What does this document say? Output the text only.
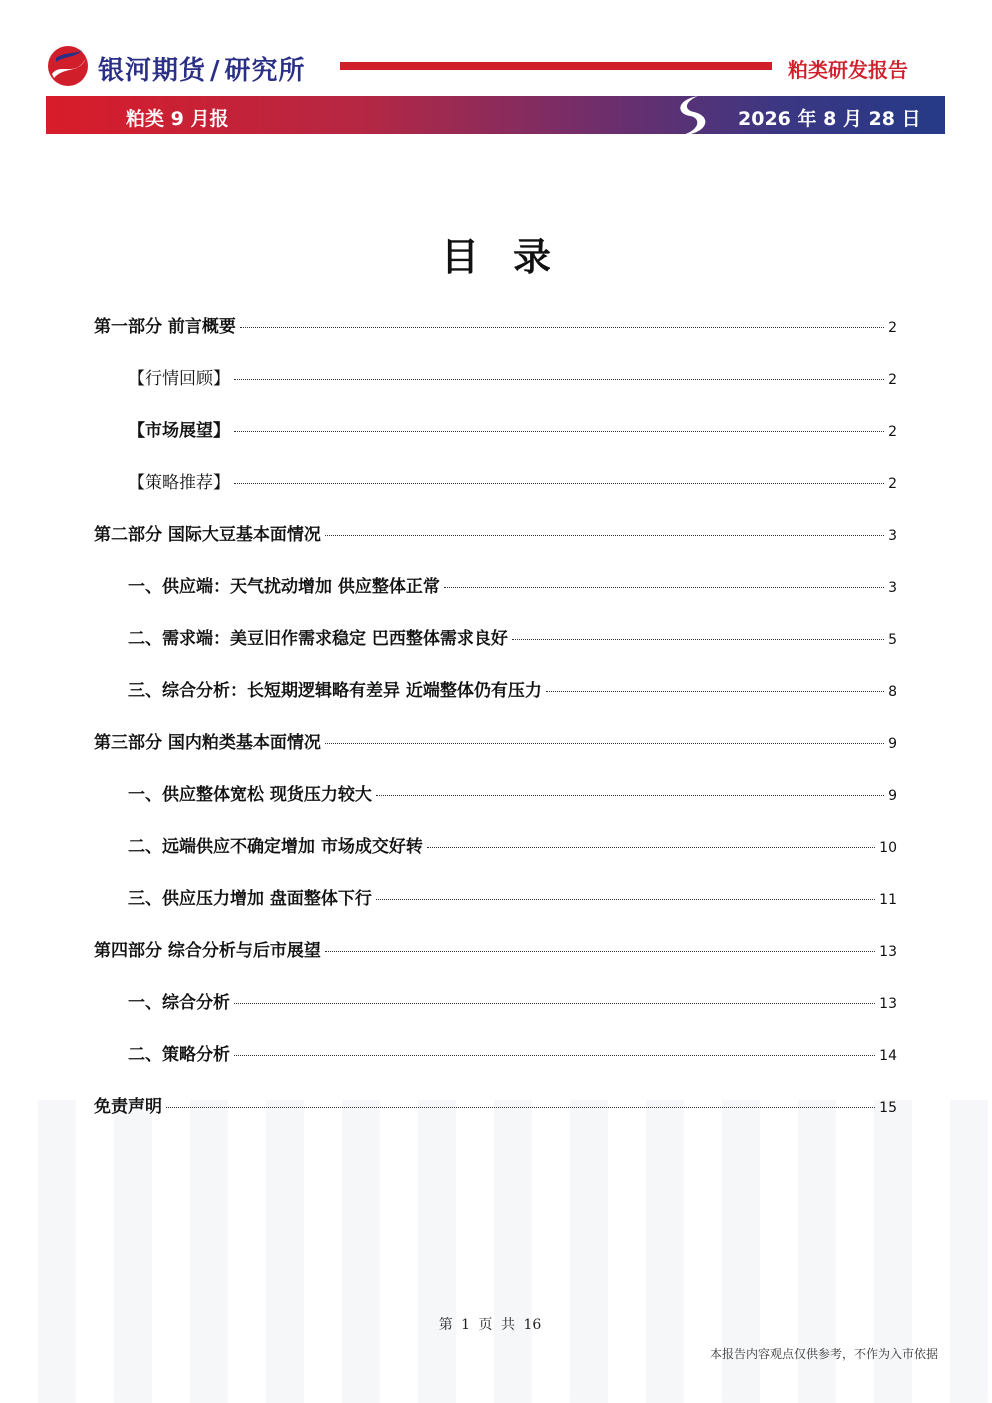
银河期货 / 研究所	粕类研发报告
粕类 9 月报	2026 年 8 月 28 日
目录
第一部分 前言概要	2
【行情回顾】	2
【市场展望】	2
【策略推荐】	2
第二部分 国际大豆基本面情况	3
一、供应端：天气扰动增加 供应整体正常	3
二、需求端：美豆旧作需求稳定 巴西整体需求良好	5
三、综合分析：长短期逻辑略有差异 近端整体仍有压力	8
第三部分 国内粕类基本面情况	9
一、供应整体宽松 现货压力较大	9
二、远端供应不确定增加 市场成交好转	10
三、供应压力增加 盘面整体下行	11
第四部分 综合分析与后市展望	13
一、综合分析	13
二、策略分析	14
免责声明	15
第 1 页 共 16
本报告内容观点仅供参考，不作为入市依据
